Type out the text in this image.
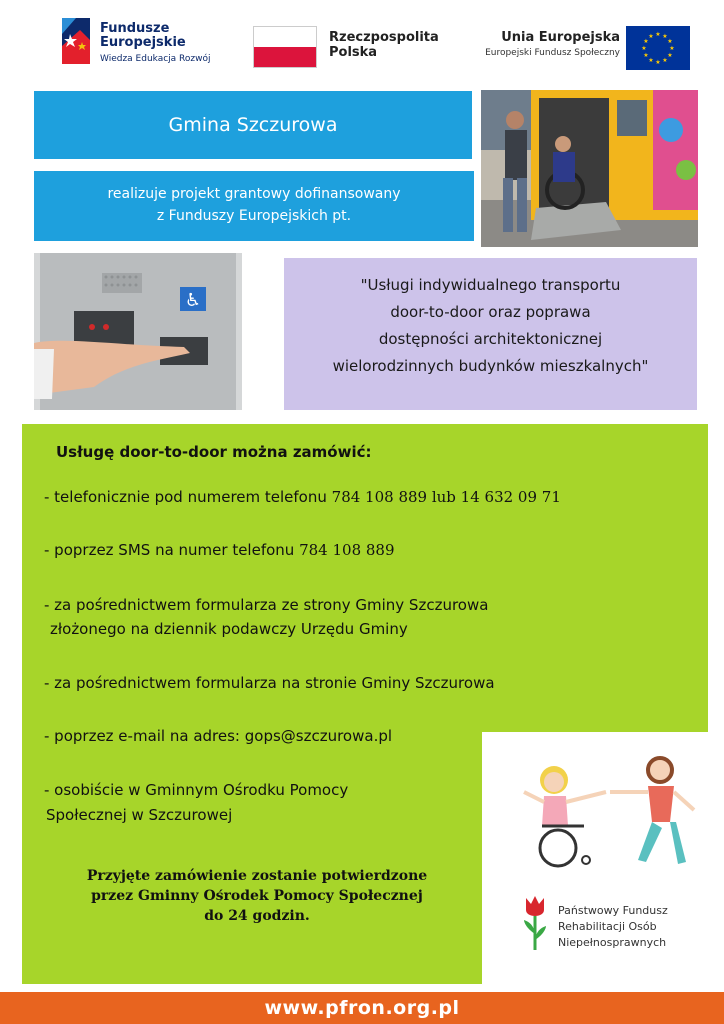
Fundusze
Europejskie
Wiedza Edukacja Rozwój
Rzeczpospolita
Polska
Unia Europejska
Europejski Fundusz Społeczny
★ ★
★
★
★
★
★
★
★
★
★
★
Gmina Szczurowa
realizuje projekt grantowy dofinansowany
z Funduszy Europejskich pt.
♿
"Usługi indywidualnego transportu
door-to-door oraz poprawa
dostępności architektonicznej
wielorodzinnych budynków mieszkalnych"
Usługę door-to-door można zamówić:
- telefonicznie pod numerem telefonu 784 108 889 lub 14 632 09 71
- poprzez SMS na numer telefonu 784 108 889
- za pośrednictwem formularza ze strony Gminy Szczurowa
złożonego na dziennik podawczy Urzędu Gminy
- za pośrednictwem formularza na stronie Gminy Szczurowa
- poprzez e-mail na adres: gops@szczurowa.pl
- osobiście w Gminnym Ośrodku Pomocy
Społecznej w Szczurowej
Przyjęte zamówienie zostanie potwierdzone
przez Gminny Ośrodek Pomocy Społecznej
do 24 godzin.	Państwowy Fundusz
Rehabilitacji Osób
Niepełnosprawnych
www.pfron.org.pl
